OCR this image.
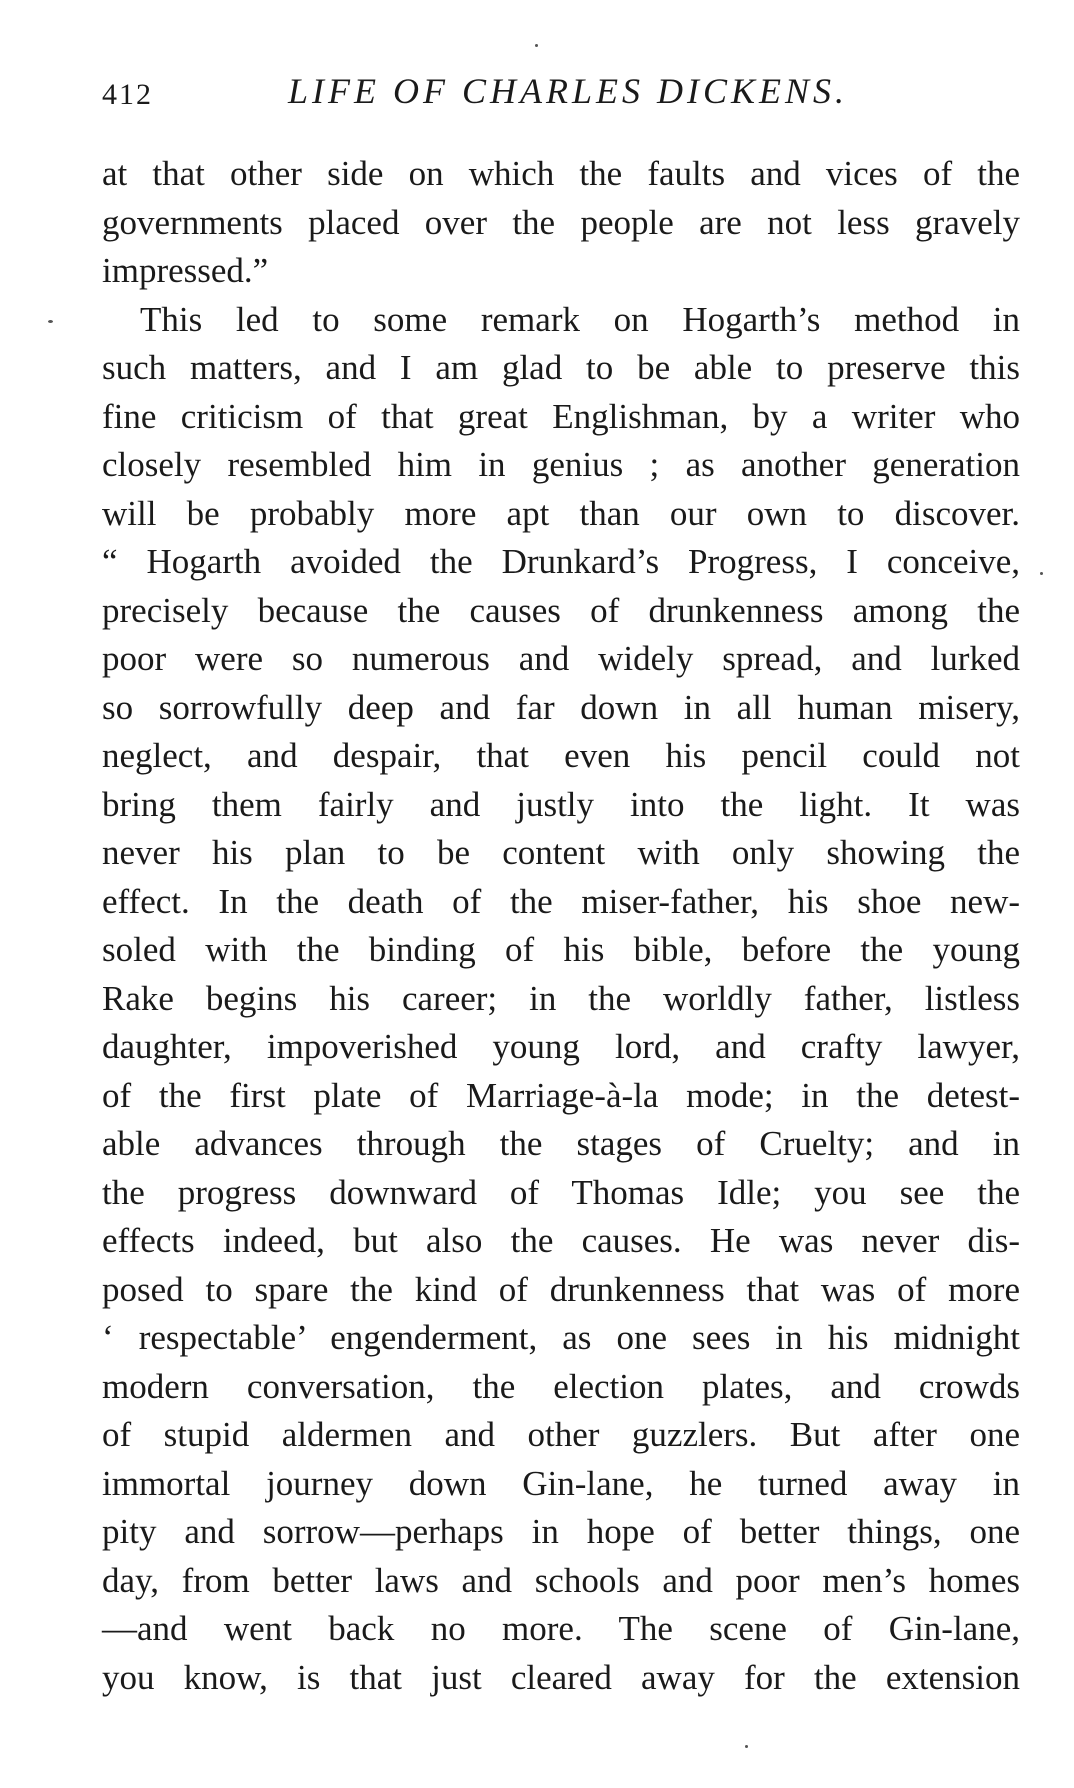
412	LIFE OF CHARLES DICKENS.
at that other side on which the faults and vices of the
governments placed over the people are not less gravely
impressed.”
This led to some remark on Hogarth’s method in
such matters, and I am glad to be able to preserve this
fine criticism of that great Englishman, by a writer who
closely resembled him in genius ; as another generation
will be probably more apt than our own to discover.
“ Hogarth avoided the Drunkard’s Progress, I conceive,
precisely because the causes of drunkenness among the
poor were so numerous and widely spread, and lurked
so sorrowfully deep and far down in all human misery,
neglect, and despair, that even his pencil could not
bring them fairly and justly into the light. It was
never his plan to be content with only showing the
effect. In the death of the miser-father, his shoe new-
soled with the binding of his bible, before the young
Rake begins his career; in the worldly father, listless
daughter, impoverished young lord, and crafty lawyer,
of the first plate of Marriage-à-la mode; in the detest-
able advances through the stages of Cruelty; and in
the progress downward of Thomas Idle; you see the
effects indeed, but also the causes. He was never dis-
posed to spare the kind of drunkenness that was of more
‘ respectable’ engenderment, as one sees in his midnight
modern conversation, the election plates, and crowds
of stupid aldermen and other guzzlers. But after one
immortal journey down Gin-lane, he turned away in
pity and sorrow—perhaps in hope of better things, one
day, from better laws and schools and poor men’s homes
—and went back no more. The scene of Gin-lane,
you know, is that just cleared away for the extension
